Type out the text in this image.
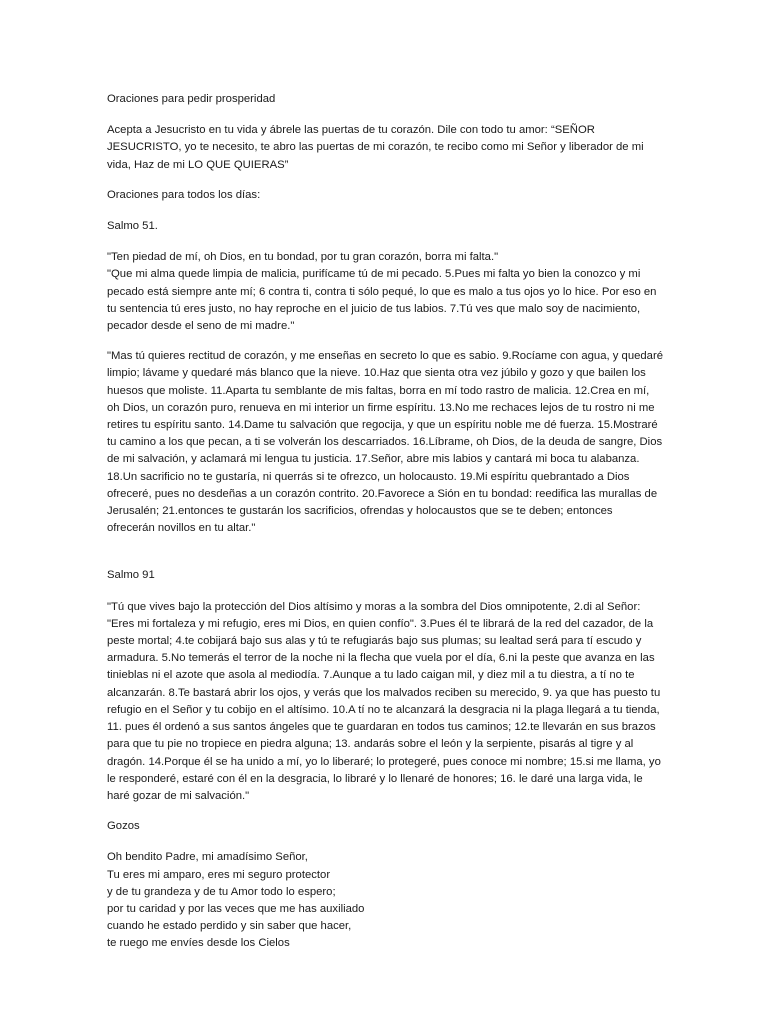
Oraciones para pedir prosperidad

Acepta a Jesucristo en tu vida y ábrele las puertas de tu corazón. Dile con todo tu amor: “SEÑOR JESUCRISTO, yo te necesito, te abro las puertas de mi corazón, te recibo como mi Señor y liberador de mi vida, Haz de mi LO QUE QUIERAS”

Oraciones para todos los días:

Salmo 51.

"Ten piedad de mí, oh Dios, en tu bondad, por tu gran corazón, borra mi falta."

"Que mi alma quede limpia de malicia, purifícame tú de mi pecado. 5.Pues mi falta yo bien la conozco y mi pecado está siempre ante mí; 6 contra ti, contra ti sólo pequé, lo que es malo a tus ojos yo lo hice. Por eso en tu sentencia tú eres justo, no hay reproche en el juicio de tus labios. 7.Tú ves que malo soy de nacimiento, pecador desde el seno de mi madre."

"Mas tú quieres rectitud de corazón, y me enseñas en secreto lo que es sabio. 9.Rocíame con agua, y quedaré limpio; lávame y quedaré más blanco que la nieve. 10.Haz que sienta otra vez júbilo y gozo y que bailen los huesos que moliste. 11.Aparta tu semblante de mis faltas, borra en mí todo rastro de malicia. 12.Crea en mí, oh Dios, un corazón puro, renueva en mi interior un firme espíritu. 13.No me rechaces lejos de tu rostro ni me retires tu espíritu santo. 14.Dame tu salvación que regocija, y que un espíritu noble me dé fuerza. 15.Mostraré tu camino a los que pecan, a ti se volverán los descarriados. 16.Líbrame, oh Dios, de la deuda de sangre, Dios de mi salvación, y aclamará mi lengua tu justicia. 17.Señor, abre mis labios y cantará mi boca tu alabanza. 18.Un sacrificio no te gustaría, ni querrás si te ofrezco, un holocausto. 19.Mi espíritu quebrantado a Dios ofreceré, pues no desdeñas a un corazón contrito. 20.Favorece a Sión en tu bondad: reedifica las murallas de Jerusalén; 21.entonces te gustarán los sacrificios, ofrendas y holocaustos que se te deben; entonces ofrecerán novillos en tu altar."

Salmo 91

"Tú que vives bajo la protección del Dios altísimo y moras a la sombra del Dios omnipotente, 2.di al Señor: "Eres mi fortaleza y mi refugio, eres mi Dios, en quien confío". 3.Pues él te librará de la red del cazador, de la peste mortal; 4.te cobijará bajo sus alas y tú te refugiarás bajo sus plumas; su lealtad será para tí escudo y armadura. 5.No temerás el terror de la noche ni la flecha que vuela por el día, 6.ni la peste que avanza en las tinieblas ni el azote que asola al mediodía. 7.Aunque a tu lado caigan mil, y diez mil a tu diestra, a tí no te alcanzarán. 8.Te bastará abrir los ojos, y verás que los malvados reciben su merecido, 9. ya que has puesto tu refugio en el Señor y tu cobijo en el altísimo. 10.A tí no te alcanzará la desgracia ni la plaga llegará a tu tienda, 11. pues él ordenó a sus santos ángeles que te guardaran en todos tus caminos; 12.te llevarán en sus brazos para que tu pie no tropiece en piedra alguna; 13. andarás sobre el león y la serpiente, pisarás al tigre y al dragón. 14.Porque él se ha unido a mí, yo lo liberaré; lo protegeré, pues conoce mi nombre; 15.si me llama, yo le responderé, estaré con él en la desgracia, lo libraré y lo llenaré de honores; 16. le daré una larga vida, le haré gozar de mi salvación."

Gozos

Oh bendito Padre, mi amadísimo Señor,

Tu eres mi amparo, eres mi seguro protector

y de tu grandeza y de tu Amor todo lo espero;

por tu caridad y por las veces que me has auxiliado

cuando he estado perdido y sin saber que hacer,

te ruego me envíes desde los Cielos
